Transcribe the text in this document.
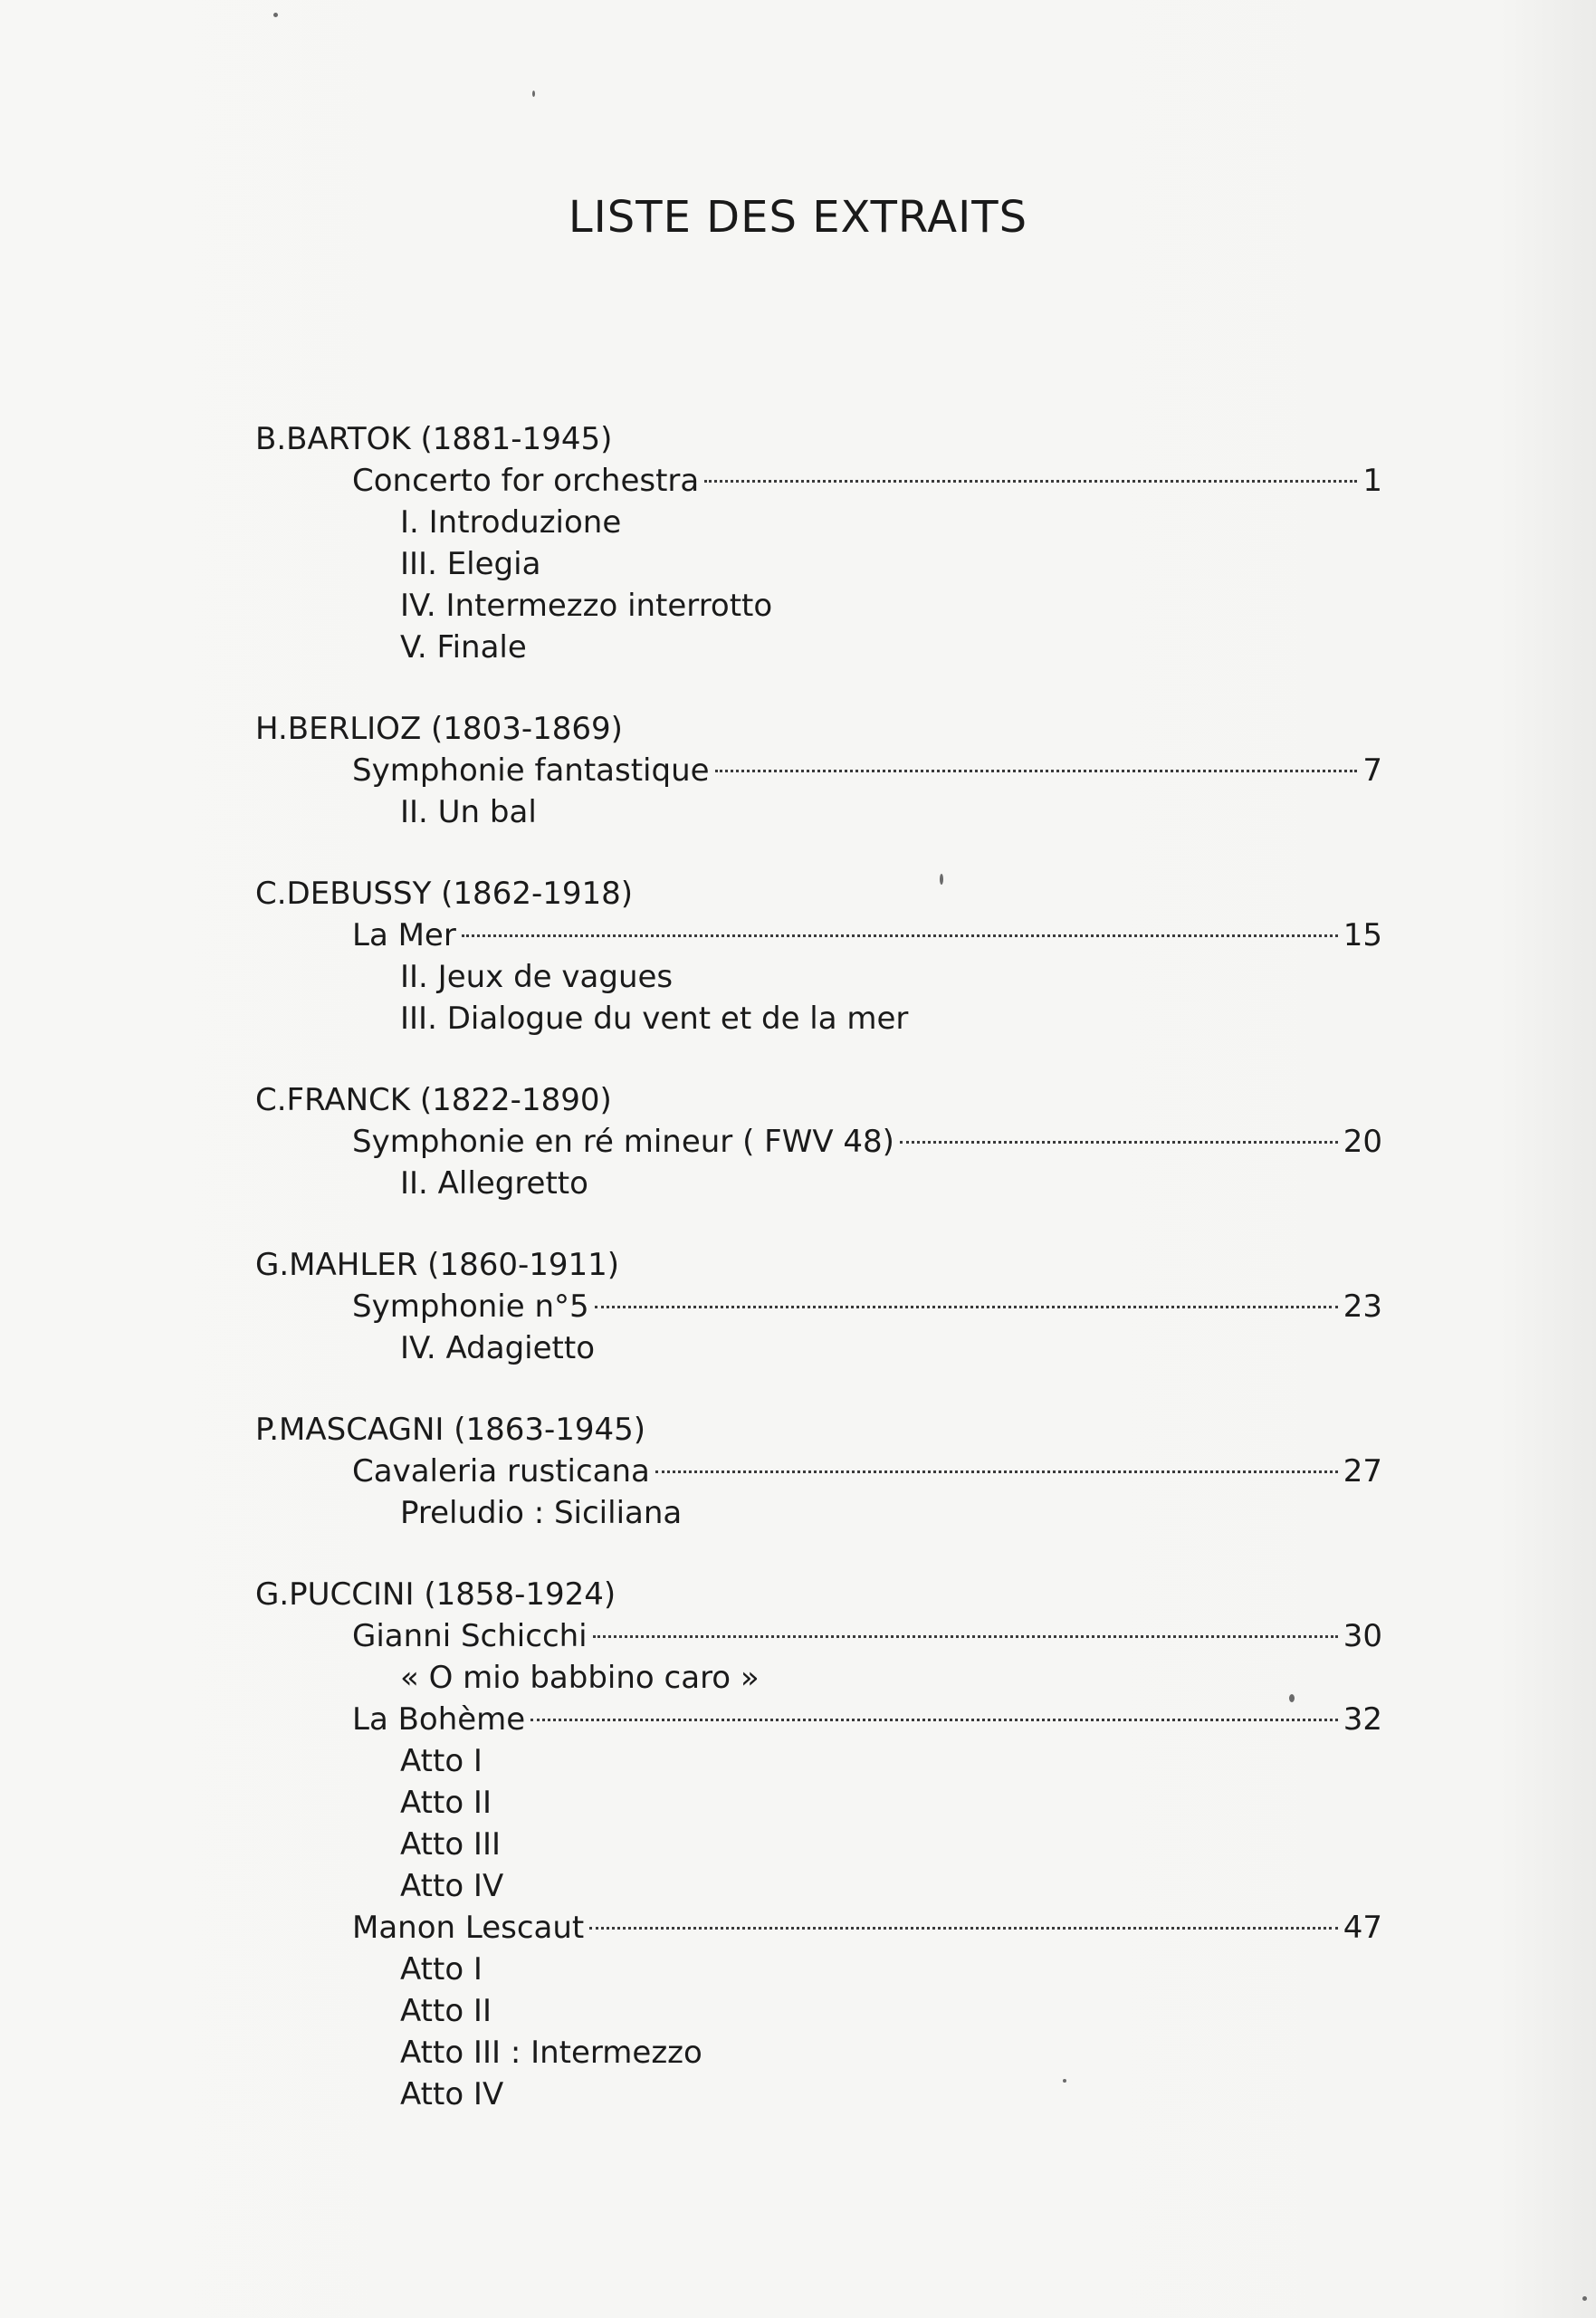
LISTE DES EXTRAITS
B.BARTOK (1881-1945)
Concerto for orchestra	1
I. Introduzione
III. Elegia
IV. Intermezzo interrotto
V. Finale
H.BERLIOZ (1803-1869)
Symphonie fantastique	7
II. Un bal
C.DEBUSSY (1862-1918)
La Mer	15
II. Jeux de vagues
III. Dialogue du vent et de la mer
C.FRANCK (1822-1890)
Symphonie en ré mineur ( FWV 48)	20
II. Allegretto
G.MAHLER (1860-1911)
Symphonie n°5	23
IV. Adagietto
P.MASCAGNI (1863-1945)
Cavaleria rusticana	27
Preludio : Siciliana
G.PUCCINI (1858-1924)
Gianni Schicchi	30
« O mio babbino caro »
La Bohème	32
Atto I
Atto II
Atto III
Atto IV
Manon Lescaut	47
Atto I
Atto II
Atto III : Intermezzo
Atto IV
